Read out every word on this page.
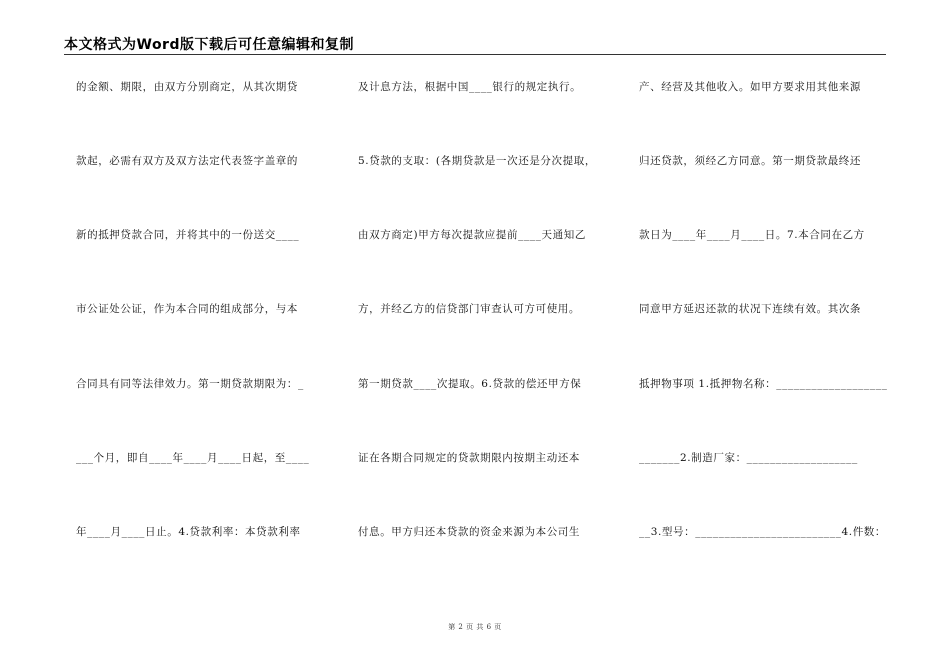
本文格式为Word版下载后可任意编辑和复制
的金额、期限，由双方分别商定，从其次期贷
款起，必需有双方及双方法定代表签字盖章的
新的抵押贷款合同，并将其中的一份送交____
市公证处公证，作为本合同的组成部分，与本
合同具有同等法律效力。第一期贷款期限为：_
___个月，即自____年____月____日起，至____
年____月____日止。4.贷款利率：本贷款利率
及计息方法，根据中国____银行的规定执行。
5.贷款的支取：(各期贷款是一次还是分次提取，
由双方商定)甲方每次提款应提前____天通知乙
方，并经乙方的信贷部门审查认可方可使用。
第一期贷款____次提取。6.贷款的偿还甲方保
证在各期合同规定的贷款期限内按期主动还本
付息。甲方归还本贷款的资金来源为本公司生
产、经营及其他收入。如甲方要求用其他来源
归还贷款，须经乙方同意。第一期贷款最终还
款日为____年____月____日。7.本合同在乙方
同意甲方延迟还款的状况下连续有效。其次条
抵押物事项 1.抵押物名称：___________________
_______2.制造厂家：___________________
__3.型号：_________________________4.件数：
第 2 页 共 6 页
